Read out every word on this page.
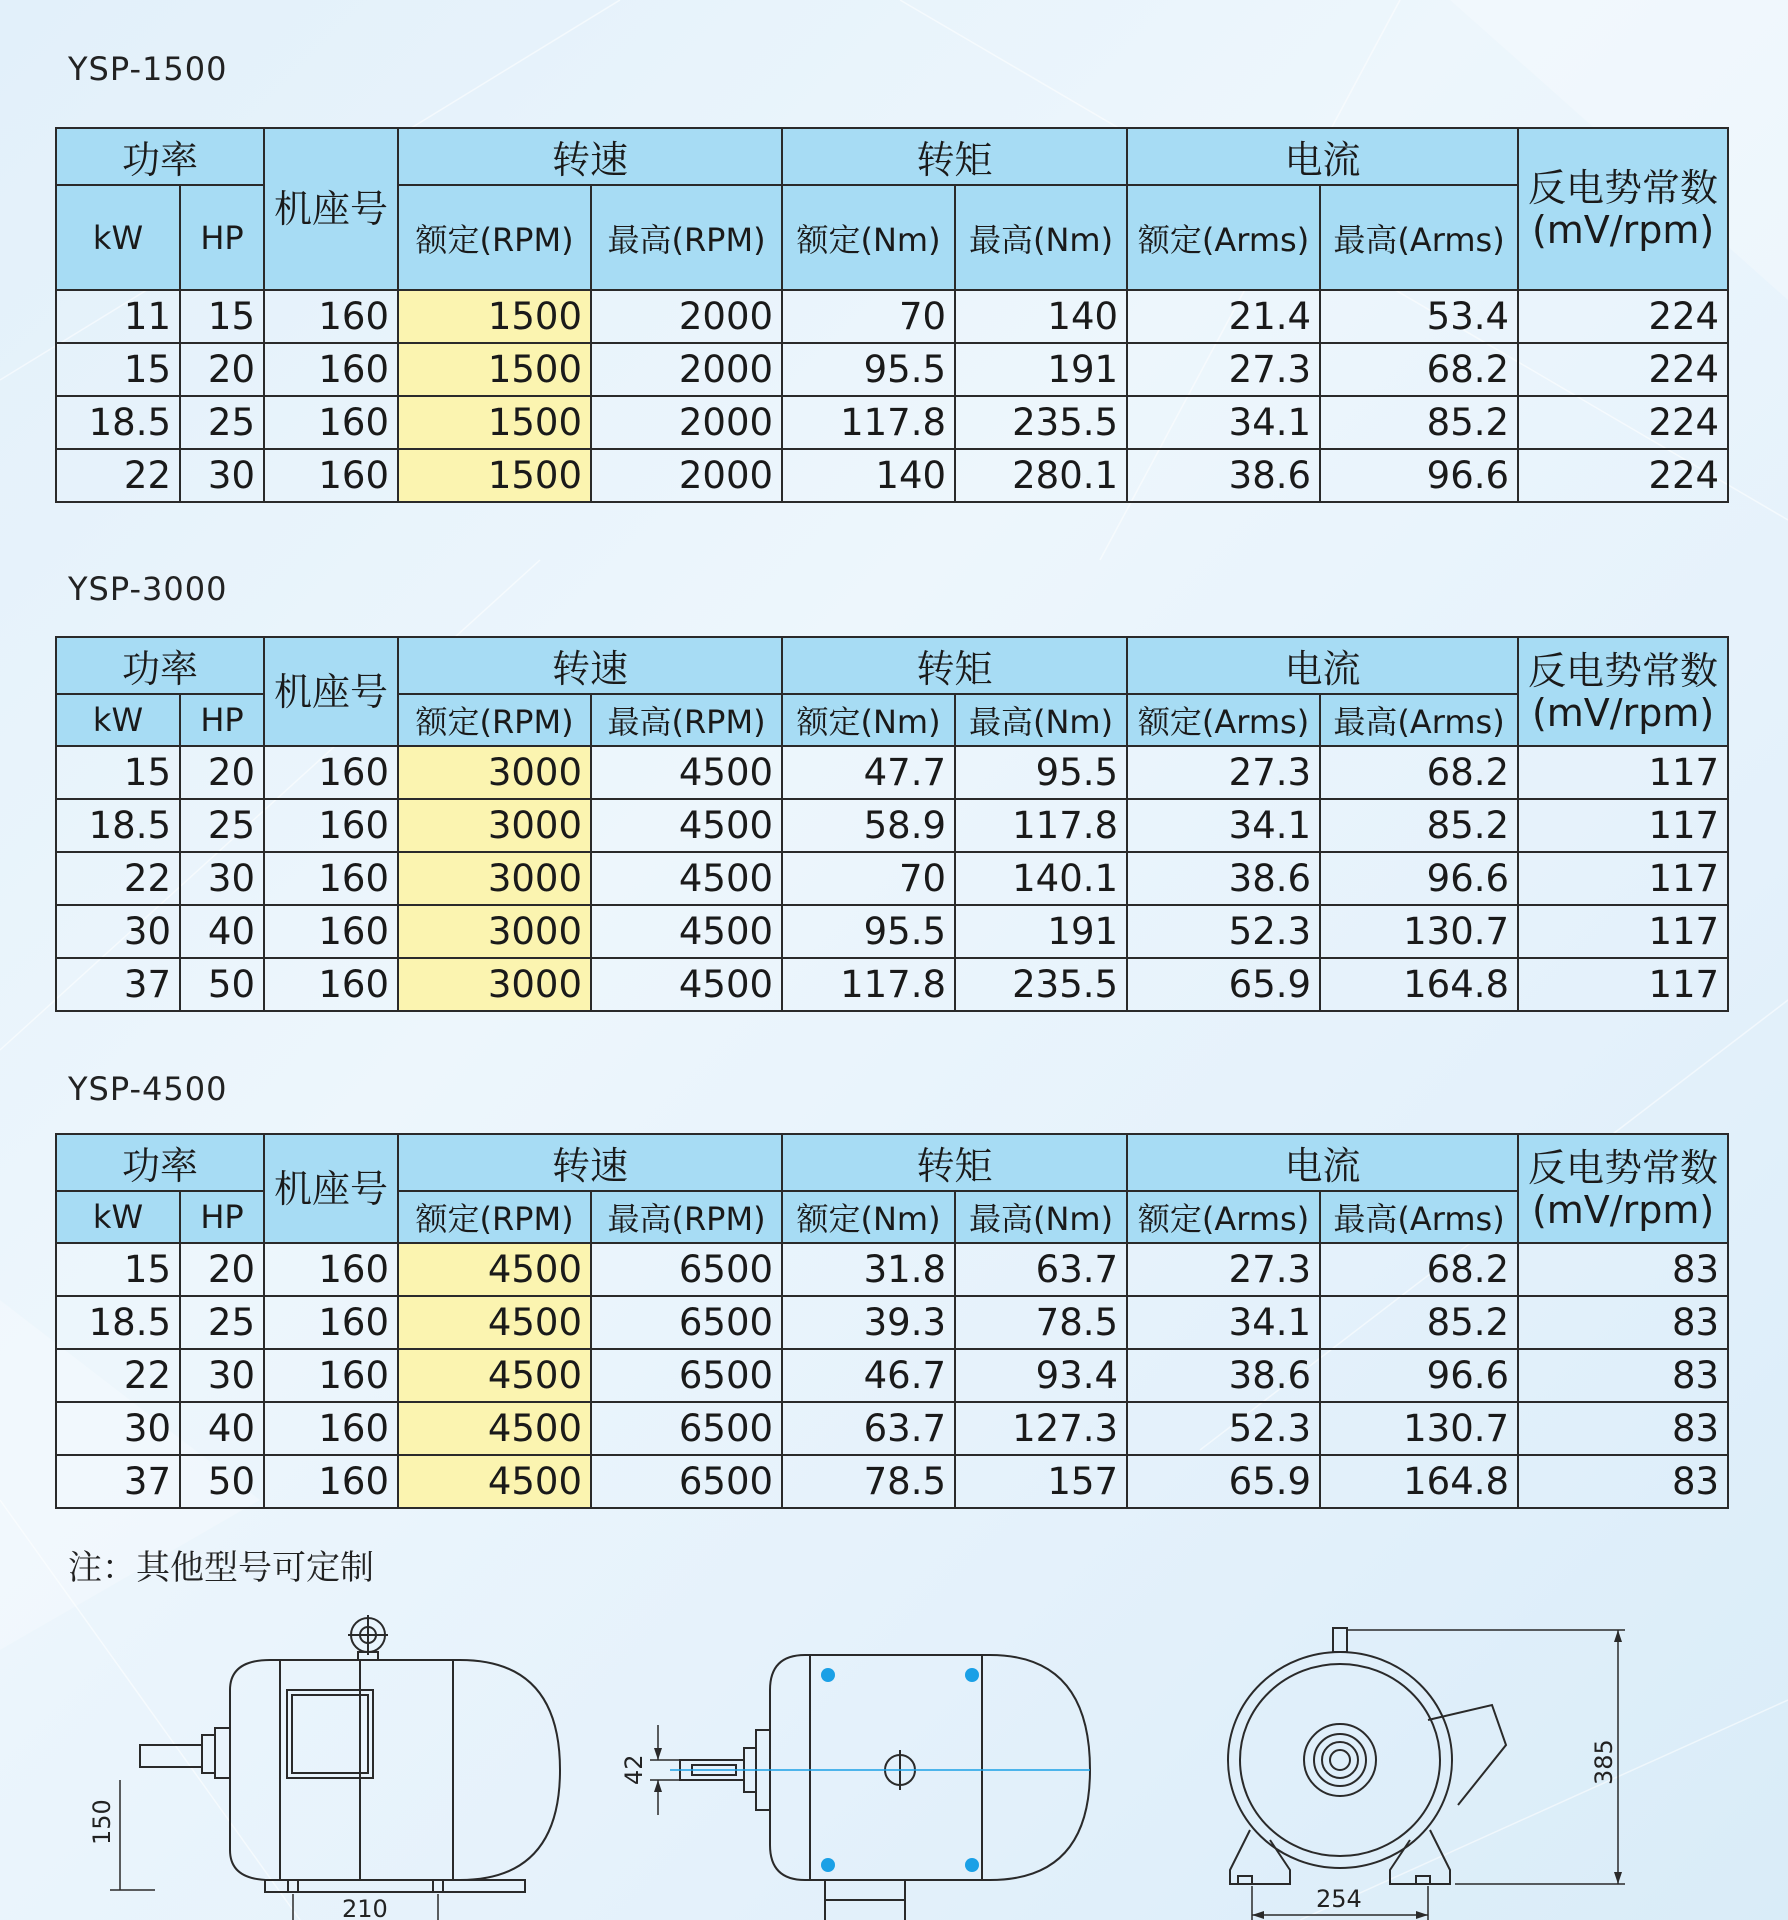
YSP-1500
功率		机座号	转速		转矩		电流		反电势常数
(mV/rpm)

kW	HP		额定(RPM)	最高(RPM)	额定(Nm)	最高(Nm)	额定(Arms)	最高(Arms)	
11	15	160	1500	2000	70	140	21.4	53.4	224
15	20	160	1500	2000	95.5	191	27.3	68.2	224
18.5	25	160	1500	2000	117.8	235.5	34.1	85.2	224
22	30	160	1500	2000	140	280.1	38.6	96.6	224
YSP-3000
功率		机座号	转速		转矩		电流		反电势常数
(mV/rpm)

kW	HP		额定(RPM)	最高(RPM)	额定(Nm)	最高(Nm)	额定(Arms)	最高(Arms)	
15	20	160	3000	4500	47.7	95.5	27.3	68.2	117
18.5	25	160	3000	4500	58.9	117.8	34.1	85.2	117
22	30	160	3000	4500	70	140.1	38.6	96.6	117
30	40	160	3000	4500	95.5	191	52.3	130.7	117
37	50	160	3000	4500	117.8	235.5	65.9	164.8	117
YSP-4500
功率		机座号	转速		转矩		电流		反电势常数
(mV/rpm)

kW	HP		额定(RPM)	最高(RPM)	额定(Nm)	最高(Nm)	额定(Arms)	最高(Arms)	
15	20	160	4500	6500	31.8	63.7	27.3	68.2	83
18.5	25	160	4500	6500	39.3	78.5	34.1	85.2	83
22	30	160	4500	6500	46.7	93.4	38.6	96.6	83
30	40	160	4500	6500	63.7	127.3	52.3	130.7	83
37	50	160	4500	6500	78.5	157	65.9	164.8	83
注：其他型号可定制
150
210
42	385
254
